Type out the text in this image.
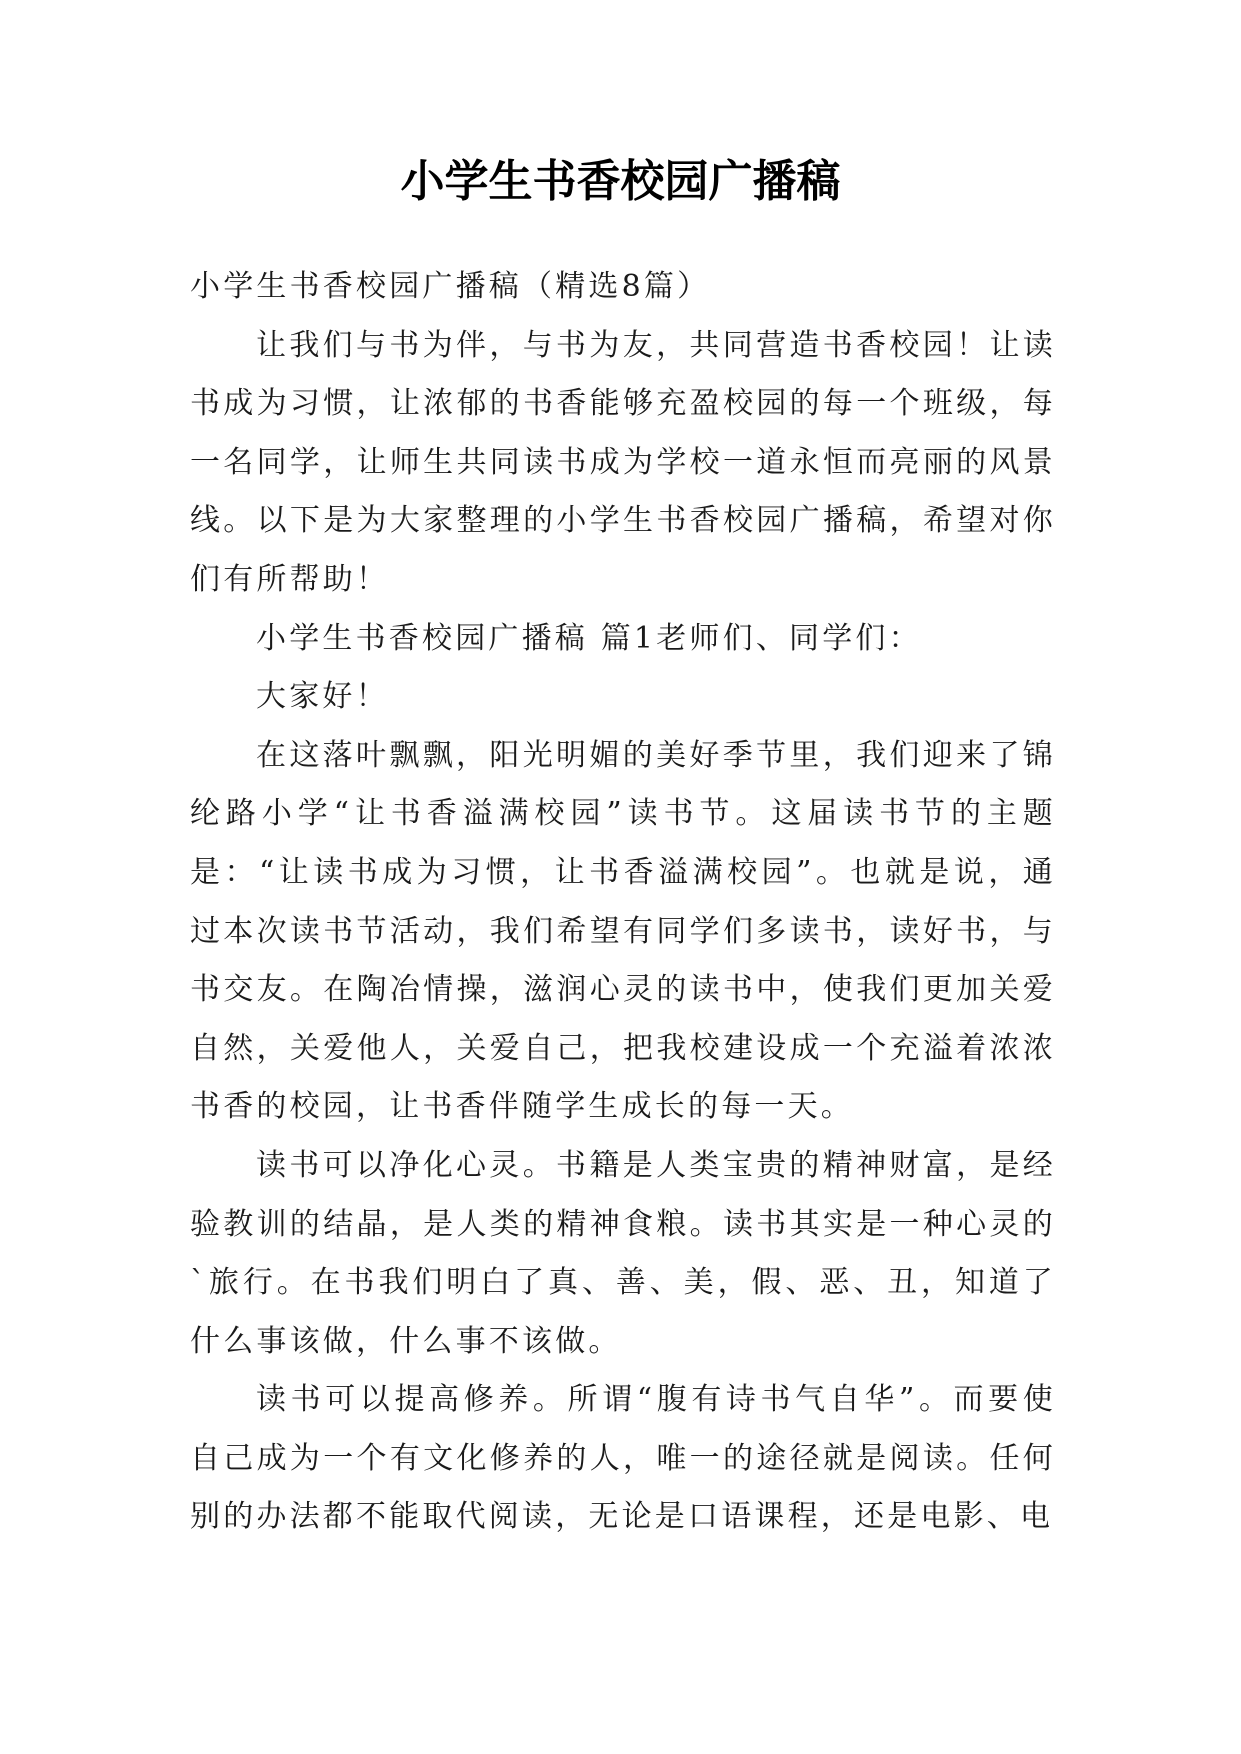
小学生书香校园广播稿

小学生书香校园广播稿（精选8篇）

让我们与书为伴，与书为友，共同营造书香校园！让读书成为习惯，让浓郁的书香能够充盈校园的每一个班级，每一名同学，让师生共同读书成为学校一道永恒而亮丽的风景线。以下是为大家整理的小学生书香校园广播稿，希望对你们有所帮助！

小学生书香校园广播稿 篇1老师们、同学们：

大家好！

在这落叶飘飘，阳光明媚的美好季节里，我们迎来了锦纶路小学“让书香溢满校园”读书节。这届读书节的主题是：“让读书成为习惯，让书香溢满校园”。也就是说，通过本次读书节活动，我们希望有同学们多读书，读好书，与书交友。在陶冶情操，滋润心灵的读书中，使我们更加关爱自然，关爱他人，关爱自己，把我校建设成一个充溢着浓浓书香的校园，让书香伴随学生成长的每一天。

读书可以净化心灵。书籍是人类宝贵的精神财富，是经验教训的结晶，是人类的精神食粮。读书其实是一种心灵的`旅行。在书我们明白了真、善、美，假、恶、丑，知道了什么事该做，什么事不该做。

读书可以提高修养。所谓“腹有诗书气自华”。而要使自己成为一个有文化修养的人，唯一的途径就是阅读。任何别的办法都不能取代阅读，无论是口语课程，还是电影、电
